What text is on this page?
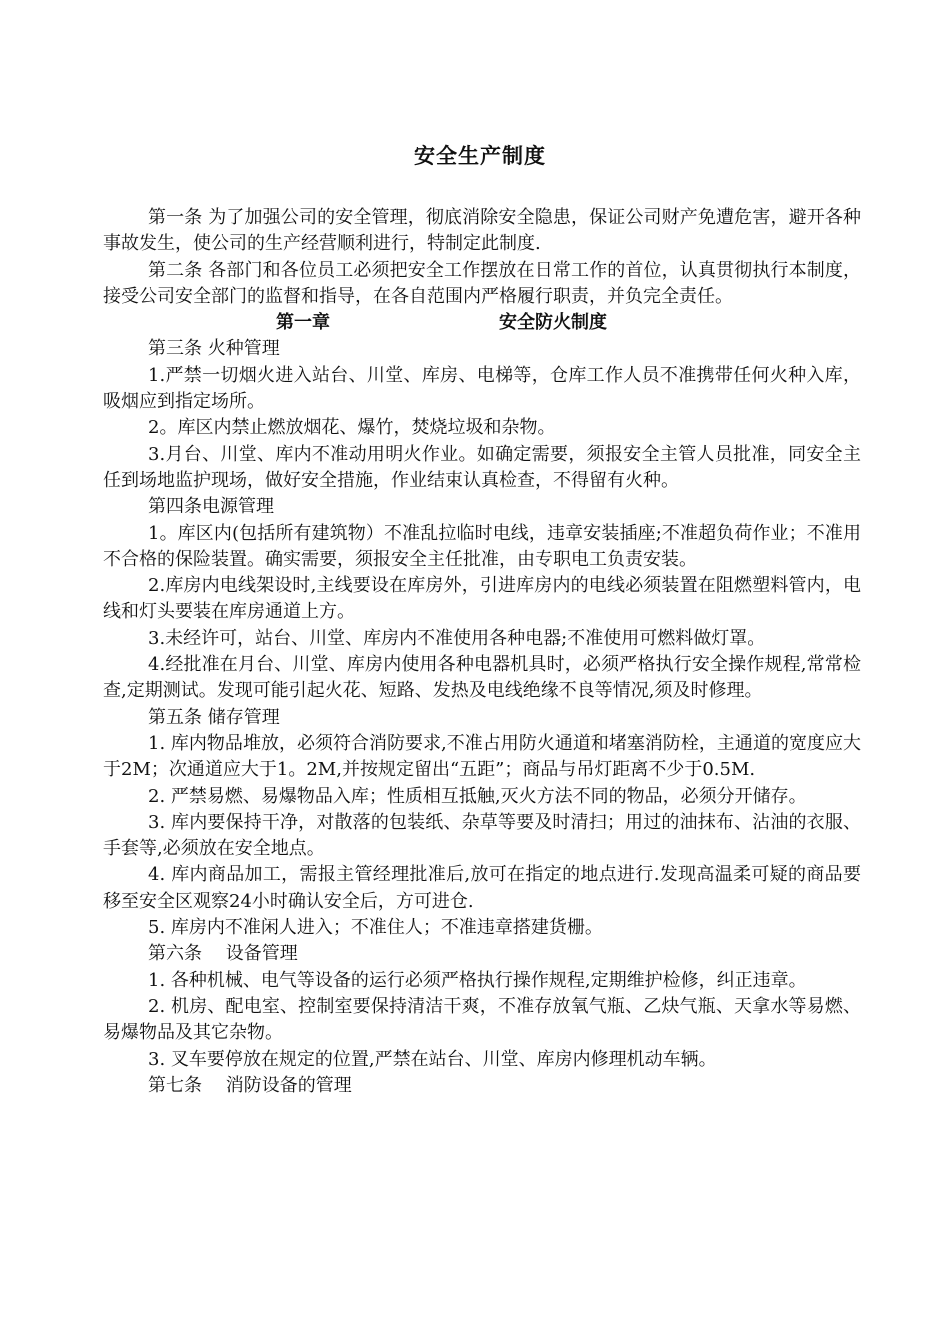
安全生产制度

第一条 为了加强公司的安全管理，彻底消除安全隐患，保证公司财产免遭危害，避开各种事故发生，使公司的生产经营顺利进行，特制定此制度.

第二条 各部门和各位员工必须把安全工作摆放在日常工作的首位，认真贯彻执行本制度，接受公司安全部门的监督和指导，在各自范围内严格履行职责，并负完全责任。

第一章	安全防火制度

第三条 火种管理

1.严禁一切烟火进入站台、川堂、库房、电梯等，仓库工作人员不准携带任何火种入库，吸烟应到指定场所。

2。库区内禁止燃放烟花、爆竹，焚烧垃圾和杂物。

3.月台、川堂、库内不准动用明火作业。如确定需要，须报安全主管人员批准，同安全主任到场地监护现场，做好安全措施，作业结束认真检查，不得留有火种。

第四条电源管理

1。库区内(包括所有建筑物）不准乱拉临时电线，违章安装插座;不准超负荷作业；不准用不合格的保险装置。确实需要，须报安全主任批准，由专职电工负责安装。

2.库房内电线架设时,主线要设在库房外，引进库房内的电线必须装置在阻燃塑料管内，电线和灯头要装在库房通道上方。

3.未经许可，站台、川堂、库房内不准使用各种电器;不准使用可燃料做灯罩。

4.经批准在月台、川堂、库房内使用各种电器机具时，必须严格执行安全操作规程,常常检查,定期测试。发现可能引起火花、短路、发热及电线绝缘不良等情况,须及时修理。

第五条 储存管理

1. 库内物品堆放，必须符合消防要求,不准占用防火通道和堵塞消防栓，主通道的宽度应大于2M；次通道应大于1。2M,并按规定留出“五距”；商品与吊灯距离不少于0.5M.

2. 严禁易燃、易爆物品入库；性质相互抵触,灭火方法不同的物品，必须分开储存。

3. 库内要保持干净，对散落的包装纸、杂草等要及时清扫；用过的油抹布、沾油的衣服、手套等,必须放在安全地点。

4. 库内商品加工，需报主管经理批准后,放可在指定的地点进行.发现高温柔可疑的商品要移至安全区观察24小时确认安全后，方可进仓.

5. 库房内不准闲人进入；不准住人；不准违章搭建货栅。

第六条　 设备管理

1. 各种机械、电气等设备的运行必须严格执行操作规程,定期维护检修，纠正违章。

2. 机房、配电室、控制室要保持清洁干爽，不准存放氧气瓶、乙炔气瓶、天拿水等易燃、易爆物品及其它杂物。

3. 叉车要停放在规定的位置,严禁在站台、川堂、库房内修理机动车辆。

第七条　 消防设备的管理
